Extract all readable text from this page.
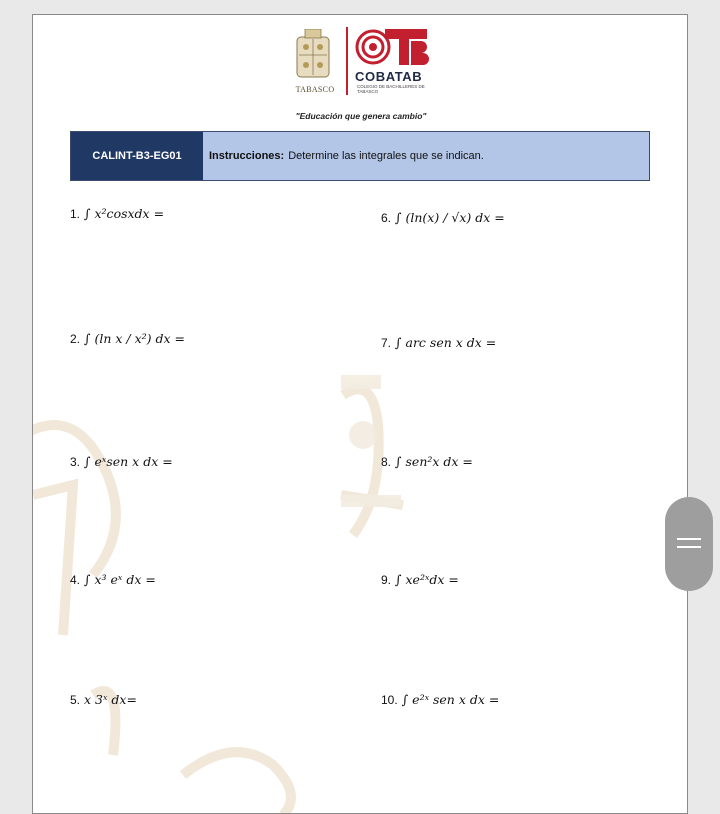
TABASCO
COBATAB
COLEGIO DE BACHILLERES DE TABASCO
"Educación que genera cambio"
CALINT-B3-EG01	Instrucciones: Determine las integrales que se indican.
1. ∫ x²cosxdx =
2. ∫ (ln x / x²) dx =
3. ∫ eˣsen x dx =
4. ∫ x³ eˣ dx =
5. x 3ˣ dx=
6. ∫ (ln(x) / √x) dx =
7. ∫ arc sen x dx =
8. ∫ sen²x dx =
9. ∫ xe²ˣdx =
10. ∫ e²ˣ sen x dx =
